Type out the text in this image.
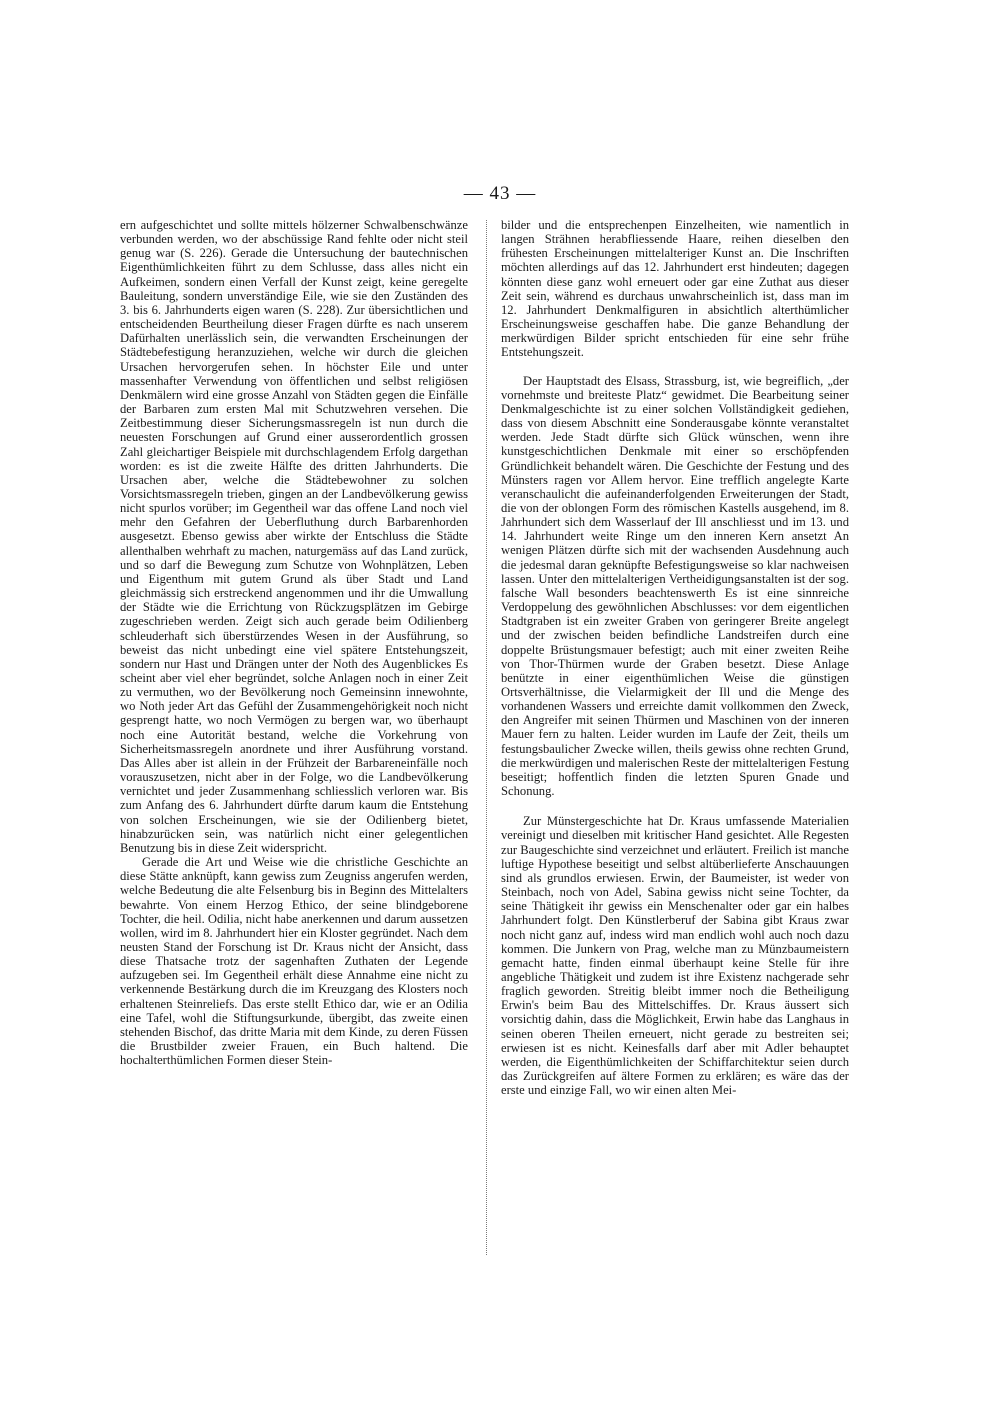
— 43 —

ern aufgeschichtet und sollte mittels hölzerner Schwalbenschwänze verbunden werden, wo der abschüssige Rand fehlte oder nicht steil genug war (S. 226). Gerade die Untersuchung der bautechnischen Eigenthümlichkeiten führt zu dem Schlusse, dass alles nicht ein Aufkeimen, sondern einen Verfall der Kunst zeigt, keine geregelte Bauleitung, sondern unverständige Eile, wie sie den Zuständen des 3. bis 6. Jahrhunderts eigen waren (S. 228). Zur übersichtlichen und entscheidenden Beurtheilung dieser Fragen dürfte es nach unserem Dafürhalten unerlässlich sein, die verwandten Erscheinungen der Städtebefestigung heranzuziehen, welche wir durch die gleichen Ursachen hervorgerufen sehen. In höchster Eile und unter massenhafter Verwendung von öffentlichen und selbst religiösen Denkmälern wird eine grosse Anzahl von Städten gegen die Einfälle der Barbaren zum ersten Mal mit Schutzwehren versehen. Die Zeitbestimmung dieser Sicherungsmassregeln ist nun durch die neuesten Forschungen auf Grund einer ausserordentlich grossen Zahl gleichartiger Beispiele mit durchschlagendem Erfolg dargethan worden: es ist die zweite Hälfte des dritten Jahrhunderts. Die Ursachen aber, welche die Städtebewohner zu solchen Vorsichtsmassregeln trieben, gingen an der Landbevölkerung gewiss nicht spurlos vorüber; im Gegentheil war das offene Land noch viel mehr den Gefahren der Ueberfluthung durch Barbarenhorden ausgesetzt. Ebenso gewiss aber wirkte der Entschluss die Städte allenthalben wehrhaft zu machen, naturgemäss auf das Land zurück, und so darf die Bewegung zum Schutze von Wohnplätzen, Leben und Eigenthum mit gutem Grund als über Stadt und Land gleichmässig sich erstreckend angenommen und ihr die Umwallung der Städte wie die Errichtung von Rückzugsplätzen im Gebirge zugeschrieben werden. Zeigt sich auch gerade beim Odilienberg schleuderhaft sich überstürzendes Wesen in der Ausführung, so beweist das nicht unbedingt eine viel spätere Entstehungszeit, sondern nur Hast und Drängen unter der Noth des Augenblickes Es scheint aber viel eher begründet, solche Anlagen noch in einer Zeit zu vermuthen, wo der Bevölkerung noch Gemeinsinn innewohnte, wo Noth jeder Art das Gefühl der Zusammengehörigkeit noch nicht gesprengt hatte, wo noch Vermögen zu bergen war, wo überhaupt noch eine Autorität bestand, welche die Vorkehrung von Sicherheitsmassregeln anordnete und ihrer Ausführung vorstand. Das Alles aber ist allein in der Frühzeit der Barbareneinfälle noch vorauszusetzen, nicht aber in der Folge, wo die Landbevölkerung vernichtet und jeder Zusammenhang schliesslich verloren war. Bis zum Anfang des 6. Jahrhundert dürfte darum kaum die Entstehung von solchen Erscheinungen, wie sie der Odilienberg bietet, hinabzurücken sein, was natürlich nicht einer gelegentlichen Benutzung bis in diese Zeit widerspricht.

Gerade die Art und Weise wie die christliche Geschichte an diese Stätte anknüpft, kann gewiss zum Zeugniss angerufen werden, welche Bedeutung die alte Felsenburg bis in Beginn des Mittelalters bewahrte. Von einem Herzog Ethico, der seine blindgeborene Tochter, die heil. Odilia, nicht habe anerkennen und darum aussetzen wollen, wird im 8. Jahrhundert hier ein Kloster gegründet. Nach dem neusten Stand der Forschung ist Dr. Kraus nicht der Ansicht, dass diese Thatsache trotz der sagenhaften Zuthaten der Legende aufzugeben sei. Im Gegentheil erhält diese Annahme eine nicht zu verkennende Bestärkung durch die im Kreuzgang des Klosters noch erhaltenen Steinreliefs. Das erste stellt Ethico dar, wie er an Odilia eine Tafel, wohl die Stiftungsurkunde, übergibt, das zweite einen stehenden Bischof, das dritte Maria mit dem Kinde, zu deren Füssen die Brustbilder zweier Frauen, ein Buch haltend. Die hochalterthümlichen Formen dieser Stein-

bilder und die entsprechenpen Einzelheiten, wie namentlich in langen Strähnen herabfliessende Haare, reihen dieselben den frühesten Erscheinungen mittelalteriger Kunst an. Die Inschriften möchten allerdings auf das 12. Jahrhundert erst hindeuten; dagegen könnten diese ganz wohl erneuert oder gar eine Zuthat aus dieser Zeit sein, während es durchaus unwahrscheinlich ist, dass man im 12. Jahrhundert Denkmalfiguren in absichtlich alterthümlicher Erscheinungsweise geschaffen habe. Die ganze Behandlung der merkwürdigen Bilder spricht entschieden für eine sehr frühe Entstehungszeit.

Der Hauptstadt des Elsass, Strassburg, ist, wie begreiflich, „der vornehmste und breiteste Platz“ gewidmet. Die Bearbeitung seiner Denkmalgeschichte ist zu einer solchen Vollständigkeit gediehen, dass von diesem Abschnitt eine Sonderausgabe könnte veranstaltet werden. Jede Stadt dürfte sich Glück wünschen, wenn ihre kunstgeschichtlichen Denkmale mit einer so erschöpfenden Gründlichkeit behandelt wären. Die Geschichte der Festung und des Münsters ragen vor Allem hervor. Eine trefflich angelegte Karte veranschaulicht die aufeinanderfolgenden Erweiterungen der Stadt, die von der oblongen Form des römischen Kastells ausgehend, im 8. Jahrhundert sich dem Wasserlauf der Ill anschliesst und im 13. und 14. Jahrhundert weite Ringe um den inneren Kern ansetzt An wenigen Plätzen dürfte sich mit der wachsenden Ausdehnung auch die jedesmal daran geknüpfte Befestigungsweise so klar nachweisen lassen. Unter den mittelalterigen Vertheidigungsanstalten ist der sog. falsche Wall besonders beachtenswerth Es ist eine sinnreiche Verdoppelung des gewöhnlichen Abschlusses: vor dem eigentlichen Stadtgraben ist ein zweiter Graben von geringerer Breite angelegt und der zwischen beiden befindliche Landstreifen durch eine doppelte Brüstungsmauer befestigt; auch mit einer zweiten Reihe von Thor-Thürmen wurde der Graben besetzt. Diese Anlage benützte in einer eigenthümlichen Weise die günstigen Ortsverhältnisse, die Vielarmigkeit der Ill und die Menge des vorhandenen Wassers und erreichte damit vollkommen den Zweck, den Angreifer mit seinen Thürmen und Maschinen von der inneren Mauer fern zu halten. Leider wurden im Laufe der Zeit, theils um festungsbaulicher Zwecke willen, theils gewiss ohne rechten Grund, die merkwürdigen und malerischen Reste der mittelalterigen Festung beseitigt; hoffentlich finden die letzten Spuren Gnade und Schonung.

Zur Münstergeschichte hat Dr. Kraus umfassende Materialien vereinigt und dieselben mit kritischer Hand gesichtet. Alle Regesten zur Baugeschichte sind verzeichnet und erläutert. Freilich ist manche luftige Hypothese beseitigt und selbst altüberlieferte Anschauungen sind als grundlos erwiesen. Erwin, der Baumeister, ist weder von Steinbach, noch von Adel, Sabina gewiss nicht seine Tochter, da seine Thätigkeit ihr gewiss ein Menschenalter oder gar ein halbes Jahrhundert folgt. Den Künstlerberuf der Sabina gibt Kraus zwar noch nicht ganz auf, indess wird man endlich wohl auch noch dazu kommen. Die Junkern von Prag, welche man zu Münzbaumeistern gemacht hatte, finden einmal überhaupt keine Stelle für ihre angebliche Thätigkeit und zudem ist ihre Existenz nachgerade sehr fraglich geworden. Streitig bleibt immer noch die Betheiligung Erwin's beim Bau des Mittelschiffes. Dr. Kraus äussert sich vorsichtig dahin, dass die Möglichkeit, Erwin habe das Langhaus in seinen oberen Theilen erneuert, nicht gerade zu bestreiten sei; erwiesen ist es nicht. Keinesfalls darf aber mit Adler behauptet werden, die Eigenthümlichkeiten der Schiffarchitektur seien durch das Zurückgreifen auf ältere Formen zu erklären; es wäre das der erste und einzige Fall, wo wir einen alten Mei-
